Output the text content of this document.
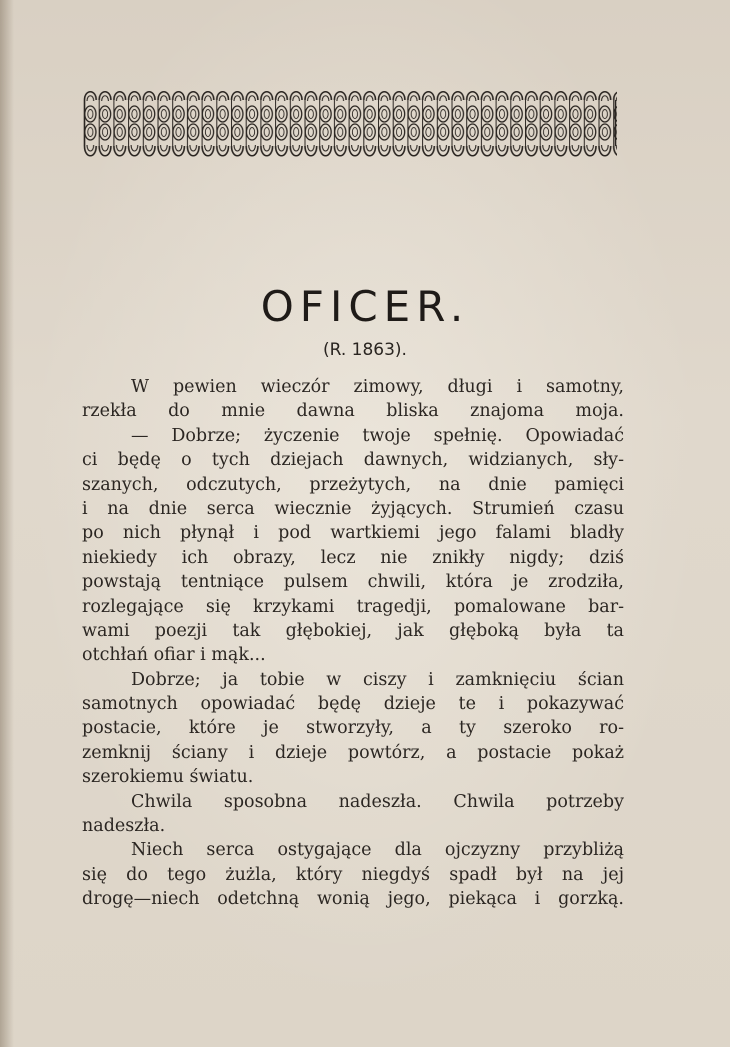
OFICER.
(R. 1863).
W pewien wieczór zimowy, długi i samotny,
rzekła do mnie dawna bliska znajoma moja.
— Dobrze; życzenie twoje spełnię. Opowiadać
ci będę o tych dziejach dawnych, widzianych, sły-
szanych, odczutych, przeżytych, na dnie pamięci
i na dnie serca wiecznie żyjących. Strumień czasu
po nich płynął i pod wartkiemi jego falami bladły
niekiedy ich obrazy, lecz nie znikły nigdy; dziś
powstają tentniące pulsem chwili, która je zrodziła,
rozlegające się krzykami tragedji, pomalowane bar-
wami poezji tak głębokiej, jak głęboką była ta
otchłań ofiar i mąk...
Dobrze; ja tobie w ciszy i zamknięciu ścian
samotnych opowiadać będę dzieje te i pokazywać
postacie, które je stworzyły, a ty szeroko ro-
zemknij ściany i dzieje powtórz, a postacie pokaż
szerokiemu światu.
Chwila sposobna nadeszła. Chwila potrzeby
nadeszła.
Niech serca ostygające dla ojczyzny przybliżą
się do tego żużla, który niegdyś spadł był na jej
drogę—niech odetchną wonią jego, piekąca i gorzką.
